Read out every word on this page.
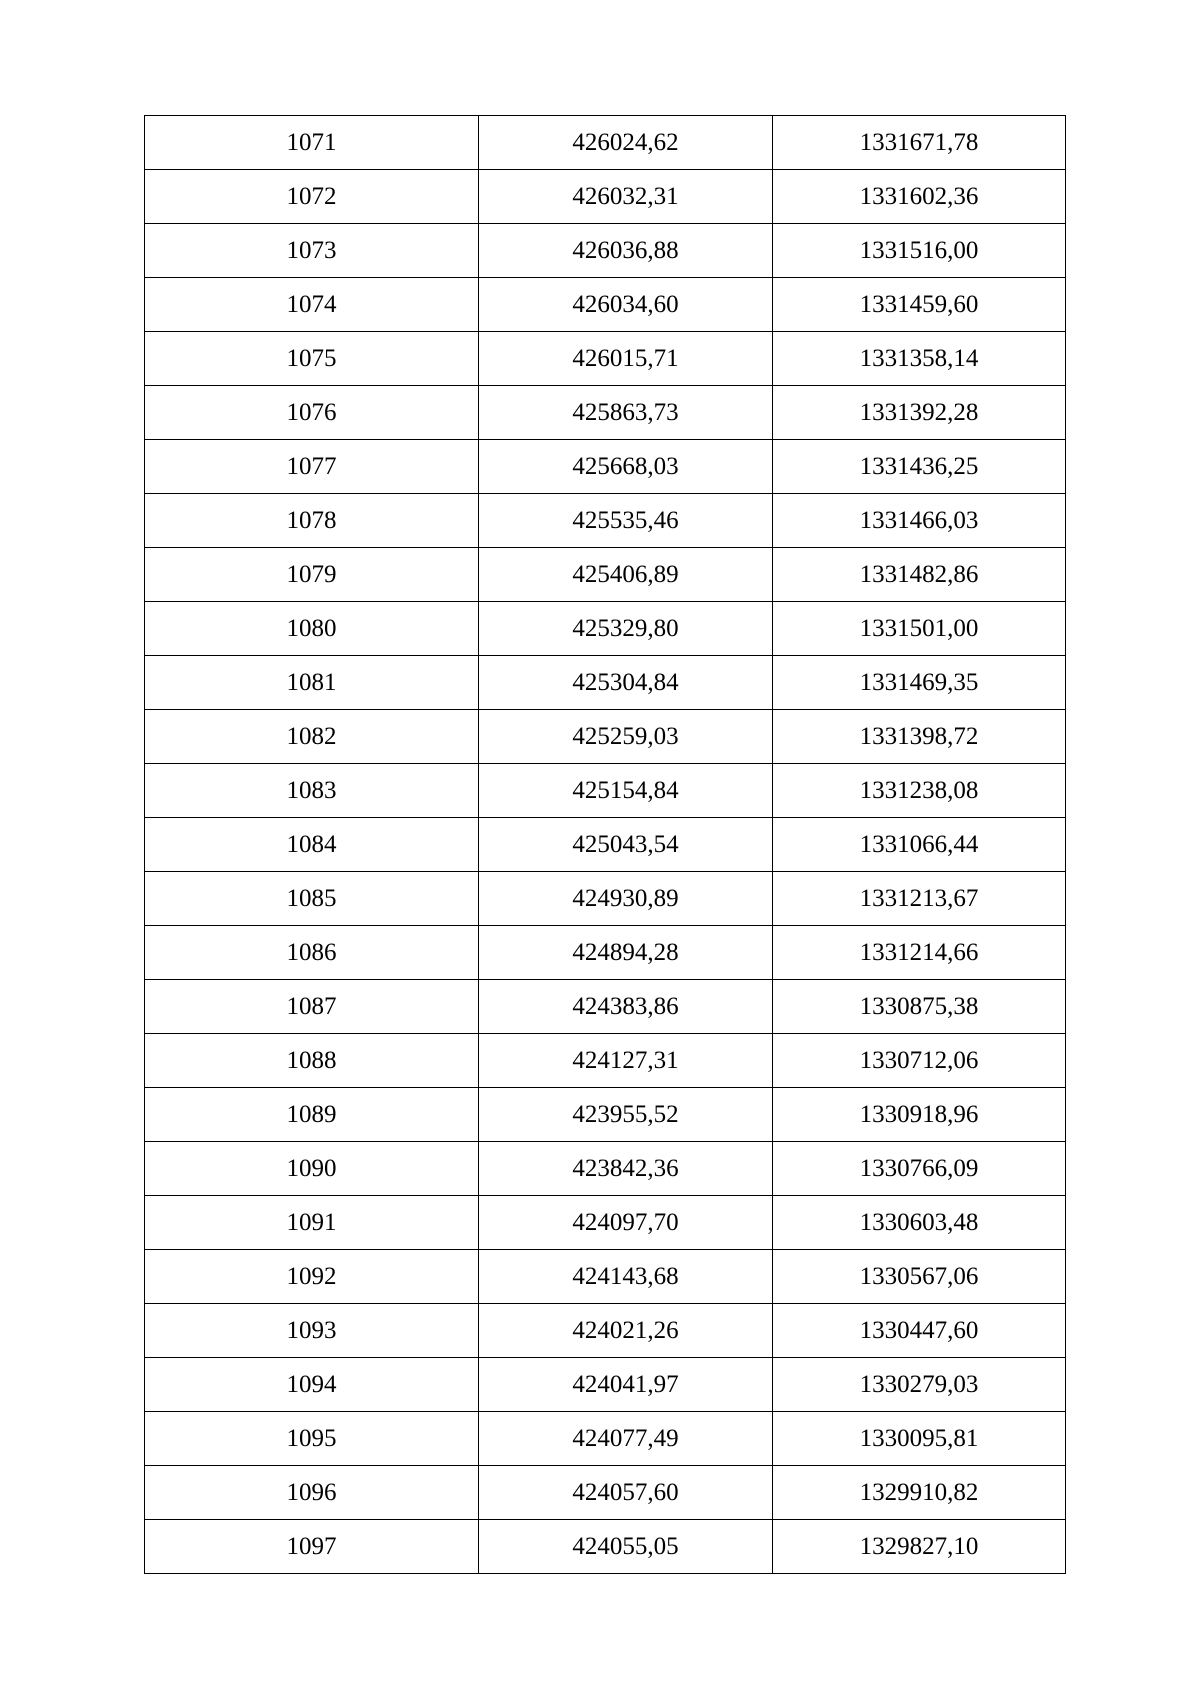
1071	426024,62	1331671,78
1072	426032,31	1331602,36
1073	426036,88	1331516,00
1074	426034,60	1331459,60
1075	426015,71	1331358,14
1076	425863,73	1331392,28
1077	425668,03	1331436,25
1078	425535,46	1331466,03
1079	425406,89	1331482,86
1080	425329,80	1331501,00
1081	425304,84	1331469,35
1082	425259,03	1331398,72
1083	425154,84	1331238,08
1084	425043,54	1331066,44
1085	424930,89	1331213,67
1086	424894,28	1331214,66
1087	424383,86	1330875,38
1088	424127,31	1330712,06
1089	423955,52	1330918,96
1090	423842,36	1330766,09
1091	424097,70	1330603,48
1092	424143,68	1330567,06
1093	424021,26	1330447,60
1094	424041,97	1330279,03
1095	424077,49	1330095,81
1096	424057,60	1329910,82
1097	424055,05	1329827,10
